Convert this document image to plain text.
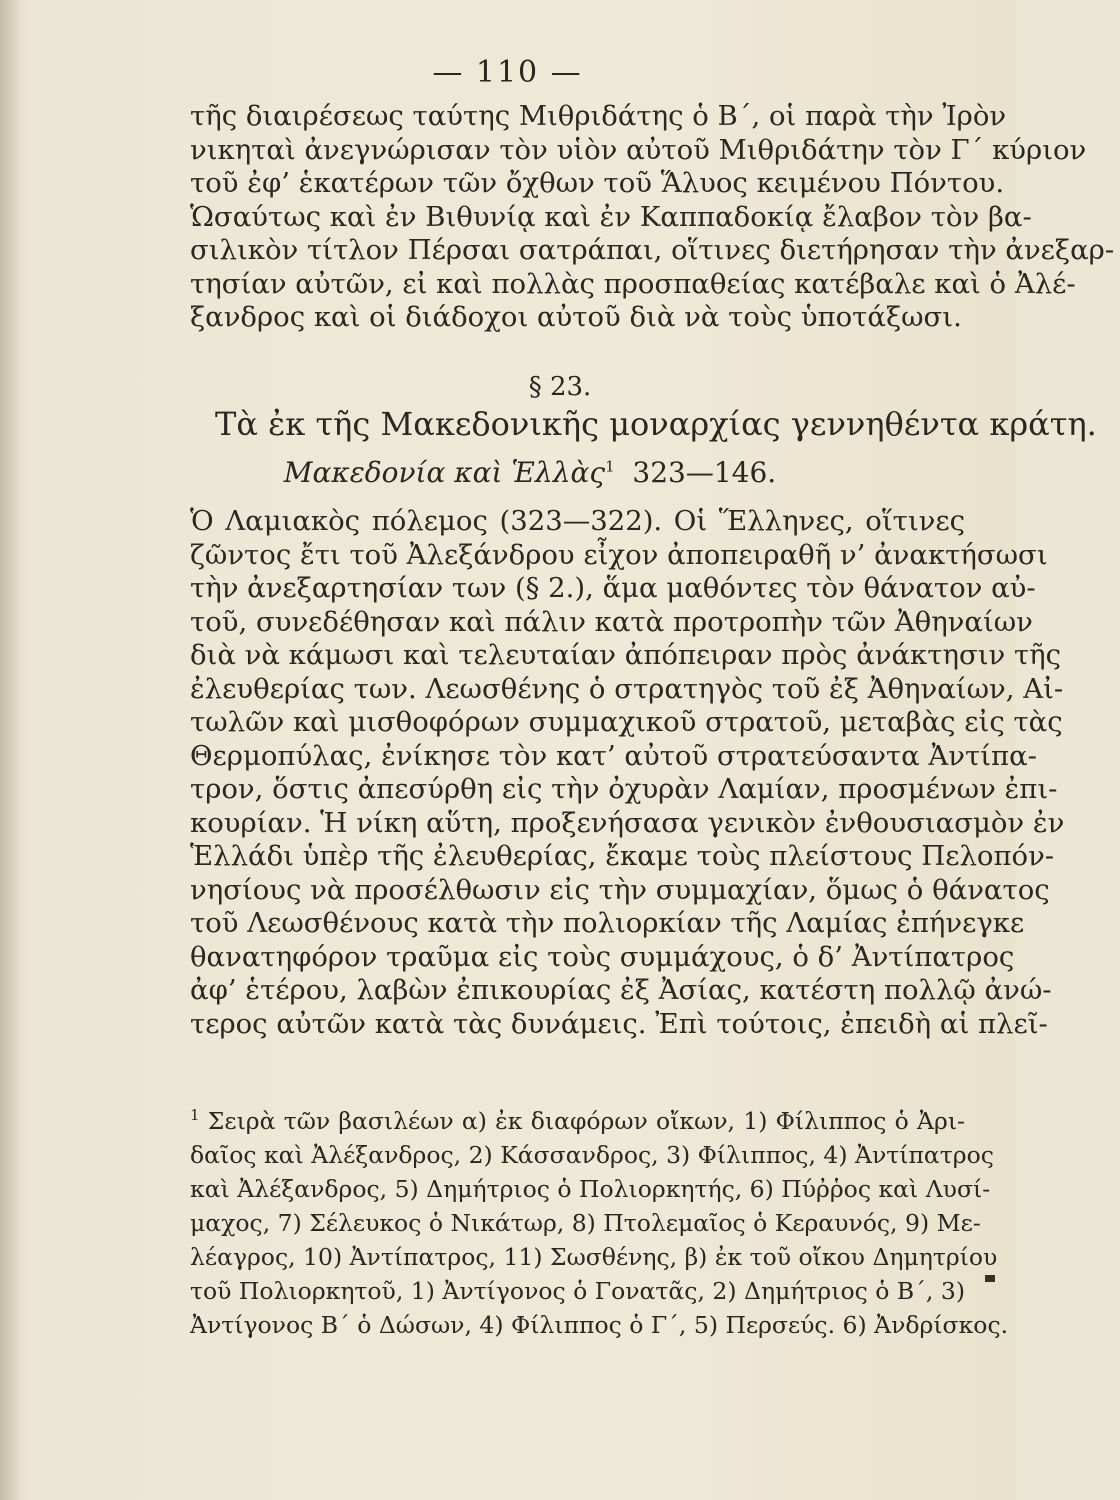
— 110 —
τῆς διαιρέσεως ταύτης Μιθριδάτης ὁ Β΄, οἱ παρὰ τὴν Ἰρὸν
νικηταὶ ἀνεγνώρισαν τὸν υἱὸν αὐτοῦ Μιθριδάτην τὸν Γ΄ κύριον
τοῦ ἐφ’ ἑκατέρων τῶν ὄχθων τοῦ Ἅλυος κειμένου Πόντου.
Ὡσαύτως καὶ ἐν Βιθυνίᾳ καὶ ἐν Καππαδοκίᾳ ἔλαβον τὸν βα-
σιλικὸν τίτλον Πέρσαι σατράπαι, οἵτινες διετήρησαν τὴν ἀνεξαρ-
τησίαν αὐτῶν, εἰ καὶ πολλὰς προσπαθείας κατέβαλε καὶ ὁ Ἀλέ-
ξανδρος καὶ οἱ διάδοχοι αὐτοῦ διὰ νὰ τοὺς ὑποτάξωσι.
§ 23.
Τὰ ἐκ τῆς Μακεδονικῆς μοναρχίας γεννηθέντα κράτη.
Μακεδονία καὶ Ἑλλὰς$^1$ 323—146.
Ὁ Λαμιακὸς πόλεμος (323—322). Οἱ Ἕλληνες, οἵτινες
ζῶντος ἔτι τοῦ Ἀλεξάνδρου εἶχον ἀποπειραθῆ ν’ ἀνακτήσωσι
τὴν ἀνεξαρτησίαν των (§ 2.), ἅμα μαθόντες τὸν θάνατον αὐ-
τοῦ, συνεδέθησαν καὶ πάλιν κατὰ προτροπὴν τῶν Ἀθηναίων
διὰ νὰ κάμωσι καὶ τελευταίαν ἀπόπειραν πρὸς ἀνάκτησιν τῆς
ἐλευθερίας των. Λεωσθένης ὁ στρατηγὸς τοῦ ἐξ Ἀθηναίων, Αἰ-
τωλῶν καὶ μισθοφόρων συμμαχικοῦ στρατοῦ, μεταβὰς εἰς τὰς
Θερμοπύλας, ἐνίκησε τὸν κατ’ αὐτοῦ στρατεύσαντα Ἀντίπα-
τρον, ὅστις ἀπεσύρθη εἰς τὴν ὀχυρὰν Λαμίαν, προσμένων ἐπι-
κουρίαν. Ἡ νίκη αὕτη, προξενήσασα γενικὸν ἐνθουσιασμὸν ἐν
Ἑλλάδι ὑπὲρ τῆς ἐλευθερίας, ἔκαμε τοὺς πλείστους Πελοπόν-
νησίους νὰ προσέλθωσιν εἰς τὴν συμμαχίαν, ὅμως ὁ θάνατος
τοῦ Λεωσθένους κατὰ τὴν πολιορκίαν τῆς Λαμίας ἐπήνεγκε
θανατηφόρον τραῦμα εἰς τοὺς συμμάχους, ὁ δ’ Ἀντίπατρος
ἀφ’ ἑτέρου, λαβὼν ἐπικουρίας ἐξ Ἀσίας, κατέστη πολλῷ ἀνώ-
τερος αὐτῶν κατὰ τὰς δυνάμεις. Ἐπὶ τούτοις, ἐπειδὴ αἱ πλεῖ-
$^1$ Σειρὰ τῶν βασιλέων α) ἐκ διαφόρων οἴκων, 1) Φίλιππος ὁ Ἀρι-
δαῖος καὶ Ἀλέξανδρος, 2) Κάσσανδρος, 3) Φίλιππος, 4) Ἀντίπατρος
καὶ Ἀλέξανδρος, 5) Δημήτριος ὁ Πολιορκητής, 6) Πύῤῥος καὶ Λυσί-
μαχος, 7) Σέλευκος ὁ Νικάτωρ, 8) Πτολεμαῖος ὁ Κεραυνός, 9) Με-
λέαγρος, 10) Ἀντίπατρος, 11) Σωσθένης, β) ἐκ τοῦ οἴκου Δημητρίου
τοῦ Πολιορκητοῦ, 1) Ἀντίγονος ὁ Γονατᾶς, 2) Δημήτριος ὁ Β΄, 3)
Ἀντίγονος Β΄ ὁ Δώσων, 4) Φίλιππος ὁ Γ΄, 5) Περσεύς. 6) Ἀνδρίσκος.
